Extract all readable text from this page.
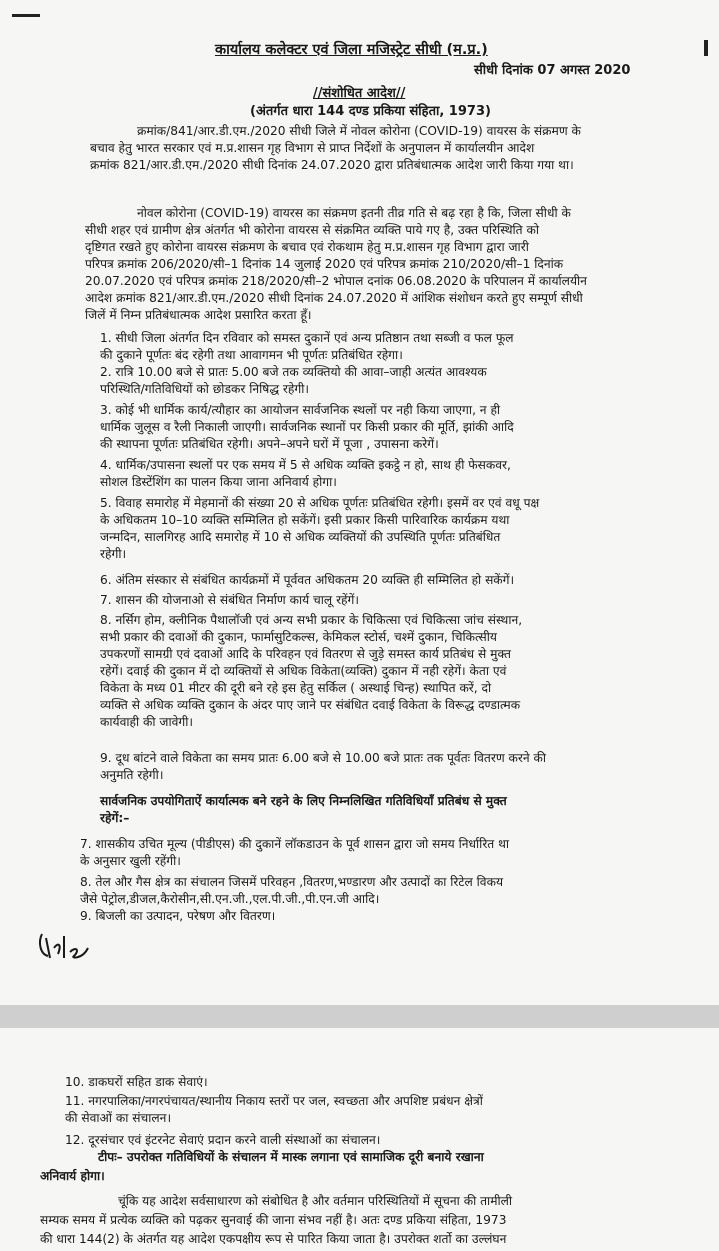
कार्यालय कलेक्टर एवं जिला मजिस्ट्रेट सीधी (म.प्र.)
सीधी दिनांक 07 अगस्त 2020
//संशोधित आदेश//
(अंतर्गत धारा 144 दण्ड प्रकिया संहिता, 1973)
क्रमांक/841/आर.डी.एम./2020 सीधी जिले में नोवल कोरोना (COVID-19) वायरस के संक्रमण के
बचाव हेतु भारत सरकार एवं म.प्र.शासन गृह विभाग से प्राप्त निर्देशों के अनुपालन में कार्यालयीन आदेश
क्रमांक 821/आर.डी.एम./2020 सीधी दिनांक 24.07.2020 द्वारा प्रतिबंधात्मक आदेश जारी किया गया था।
नोवल कोरोना (COVID-19) वायरस का संक्रमण इतनी तीव्र गति से बढ़ रहा है कि, जिला सीधी के
सीधी शहर एवं ग्रामीण क्षेत्र अंतर्गत भी कोरोना वायरस से संक्रमित व्यक्ति पाये गए है, उक्त परिस्थिति को
दृष्टिगत रखते हुए कोरोना वायरस संक्रमण के बचाव एवं रोकथाम हेतु म.प्र.शासन गृह विभाग द्वारा जारी
परिपत्र क्रमांक 206/2020/सी–1 दिनांक 14 जुलाई 2020 एवं परिपत्र क्रमांक 210/2020/सी–1 दिनांक
20.07.2020 एवं परिपत्र क्रमांक 218/2020/सी–2 भोपाल दनांक 06.08.2020 के परिपालन में कार्यालयीन
आदेश क्रमांक 821/आर.डी.एम./2020 सीधी दिनांक 24.07.2020 में आंशिक संशोधन करते हुए सम्पूर्ण सीधी
जिलें में निम्न प्रतिबंधात्मक आदेश प्रसारित करता हूँ।
1. सीधी जिला अंतर्गत दिन रविवार को समस्त दुकानें एवं अन्य प्रतिष्ठान तथा सब्जी व फल फूल
की दुकाने पूर्णतः बंद रहेगी तथा आवागमन भी पूर्णतः प्रतिबंधित रहेगा।
2. रात्रि 10.00 बजे से प्रातः 5.00 बजे तक व्यक्तियो की आवा–जाही अत्यंत आवश्यक
परिस्थिति/गतिविधियों को छोडकर निषिद्ध रहेगी।
3. कोई भी धार्मिक कार्य/त्यौहार का आयोजन सार्वजनिक स्थलों पर नही किया जाएगा, न ही
धार्मिक जुलूस व रैली निकाली जाएगी। सार्वजनिक स्थानों पर किसी प्रकार की मूर्ति, झांकी आदि
की स्थापना पूर्णतः प्रतिबंधित रहेगी। अपने–अपने घरों में पूजा , उपासना करेगें।
4. धार्मिक/उपासना स्थलों पर एक समय में 5 से अधिक व्यक्ति इकट्ठे न हो, साथ ही फेसकवर,
सोशल डिस्टेंशिंग का पालन किया जाना अनिवार्य होगा।
5. विवाह समारोह में मेहमानों की संख्या 20 से अधिक पूर्णतः प्रतिबंधित रहेगी। इसमें वर एवं वधू पक्ष
के अधिकतम 10–10 व्यक्ति सम्मिलित हो सकेंगें। इसी प्रकार किसी पारिवारिक कार्यक्रम यथा
जन्मदिन, सालगिरह आदि समारोह में 10 से अधिक व्यक्तियों की उपस्थिति पूर्णतः प्रतिबंधित
रहेगी।
6. अंतिम संस्कार से संबंधित कार्यक्रमों में पूर्ववत अधिकतम 20 व्यक्ति ही सम्मिलित हो सकेंगें।
7. शासन की योजनाओ से संबंधित निर्माण कार्य चालू रहेंगें।
8. नर्सिग होम, क्लीनिक पैथालॉजी एवं अन्य सभी प्रकार के चिकित्सा एवं चिकित्सा जांच संस्थान,
सभी प्रकार की दवाओं की दुकान, फार्मासुटिकल्स, केमिकल स्टोर्स, चश्में दुकान, चिकित्सीय
उपकरणों सामग्री एवं दवाओं आदि के परिवहन एवं वितरण से जुड़े समस्त कार्य प्रतिबंध से मुक्त
रहेगें। दवाई की दुकान में दो व्यक्तियों से अधिक विकेता(व्यक्ति) दुकान में नही रहेगें। केता एवं
विकेता के मध्य 01 मीटर की दूरी बने रहे इस हेतु सर्किल ( अस्थाई चिन्ह) स्थापित करें, दो
व्यक्ति से अधिक व्यक्ति दुकान के अंदर पाए जाने पर संबंधित दवाई विकेता के विरूद्ध दण्डात्मक
कार्यवाही की जावेगी।
9. दूध बांटने वाले विकेता का समय प्रातः 6.00 बजे से 10.00 बजे प्रातः तक पूर्वतः वितरण करने की
अनुमति रहेगी।
सार्वजनिक उपयोगिताऐं कार्यात्मक बने रहने के लिए निम्नलिखित गतिविधियॉं प्रतिबंध से मुक्त
रहेगें:–
7. शासकीय उचित मूल्य (पीडीएस) की दुकानें लॉकडाउन के पूर्व शासन द्वारा जो समय निर्धारित था
के अनुसार खुली रहेंगी।
8. तेल और गैस क्षेत्र का संचालन जिसमें परिवहन ,वितरण,भण्डारण और उत्पादों का रिटेल विकय
जैसे पेट्रोल,डीजल,कैरोसीन,सी.एन.जी.,एल.पी.जी.,पी.एन.जी आदि।
9. बिजली का उत्पादन, परेषण और वितरण।
10. डाकघरों सहित डाक सेवाएं।
11. नगरपालिका/नगरपंचायत/स्थानीय निकाय स्तरों पर जल, स्वच्छता और अपशिष्ट प्रबंधन क्षेत्रों
की सेवाओं का संचालन।
12. दूरसंचार एवं इंटरनेट सेवाएं प्रदान करने वाली संस्थाओं का संचालन।
टीपः– उपरोक्त गतिविधियों के संचालन में मास्क लगाना एवं सामाजिक दूरी बनाये रखाना
अनिवार्य होगा।
चूंकि यह आदेश सर्वसाधारण को संबोधित है और वर्तमान परिस्थितियों में सूचना की तामीली
सम्यक समय में प्रत्येक व्यक्ति को पढ़कर सुनवाई की जाना संभव नहीं है। अतः दण्ड प्रकिया संहिता, 1973
की धारा 144(2) के अंतर्गत यह आदेश एकपक्षीय रूप से पारित किया जाता है। उपरोक्त शर्तो का उल्लंघन
